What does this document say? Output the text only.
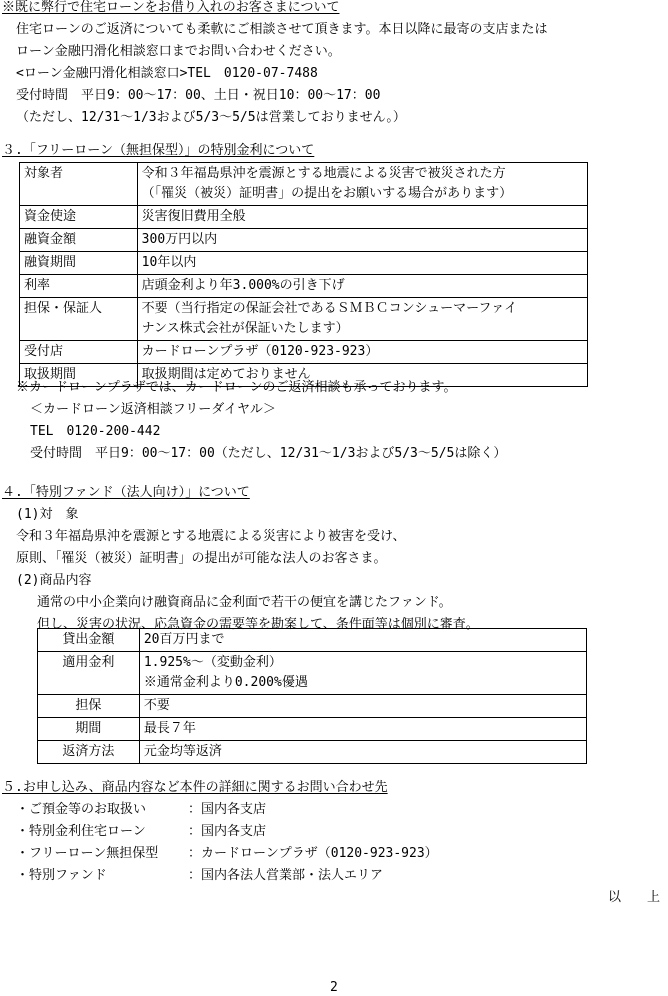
※既に弊行で住宅ローンをお借り入れのお客さまについて
住宅ローンのご返済についても柔軟にご相談させて頂きます。本日以降に最寄の支店または
ローン金融円滑化相談窓口までお問い合わせください。
<ローン金融円滑化相談窓口>TEL　0120-07-7488
受付時間　平日9：00～17：00、土日・祝日10：00～17：00
（ただし、12/31～1/3および5/3～5/5は営業しておりません。）
３.「フリーローン（無担保型）」の特別金利について
対象者	令和３年福島県沖を震源とする地震による災害で被災された方
（「罹災（被災）証明書」の提出をお願いする場合があります）

資金使途	災害復旧費用全般
融資金額	300万円以内
融資期間	10年以内
利率	店頭金利より年3.000%の引き下げ
担保・保証人	不要（当行指定の保証会社であるＳＭＢＣコンシューマーファイ
ナンス株式会社が保証いたします）

受付店	カードローンプラザ（0120-923-923）
取扱期間	取扱期間は定めておりません
※カードローンプラザでは、カードローンのご返済相談も承っております。
＜カードローン返済相談フリーダイヤル＞
TEL　0120-200-442
受付時間　平日9：00～17：00（ただし、12/31～1/3および5/3～5/5は除く）
４.「特別ファンド（法人向け）」について
(1)対　象
令和３年福島県沖を震源とする地震による災害により被害を受け、
原則、「罹災（被災）証明書」の提出が可能な法人のお客さま。
(2)商品内容
通常の中小企業向け融資商品に金利面で若干の便宜を講じたファンド。
但し、災害の状況、応急資金の需要等を勘案して、条件面等は個別に審査。
貸出金額	20百万円まで
適用金利	1.925%～（変動金利）
※通常金利より0.200%優遇

担保	不要
期間	最長７年
返済方法	元金均等返済
５.お申し込み、商品内容など本件の詳細に関するお問い合わせ先
・ご預金等のお取扱い	：国内各支店
・特別金利住宅ローン	：国内各支店
・フリーローン無担保型 ：カードローンプラザ（0120-923-923）
・特別ファンド	：国内各法人営業部・法人エリア
以　　上
2
